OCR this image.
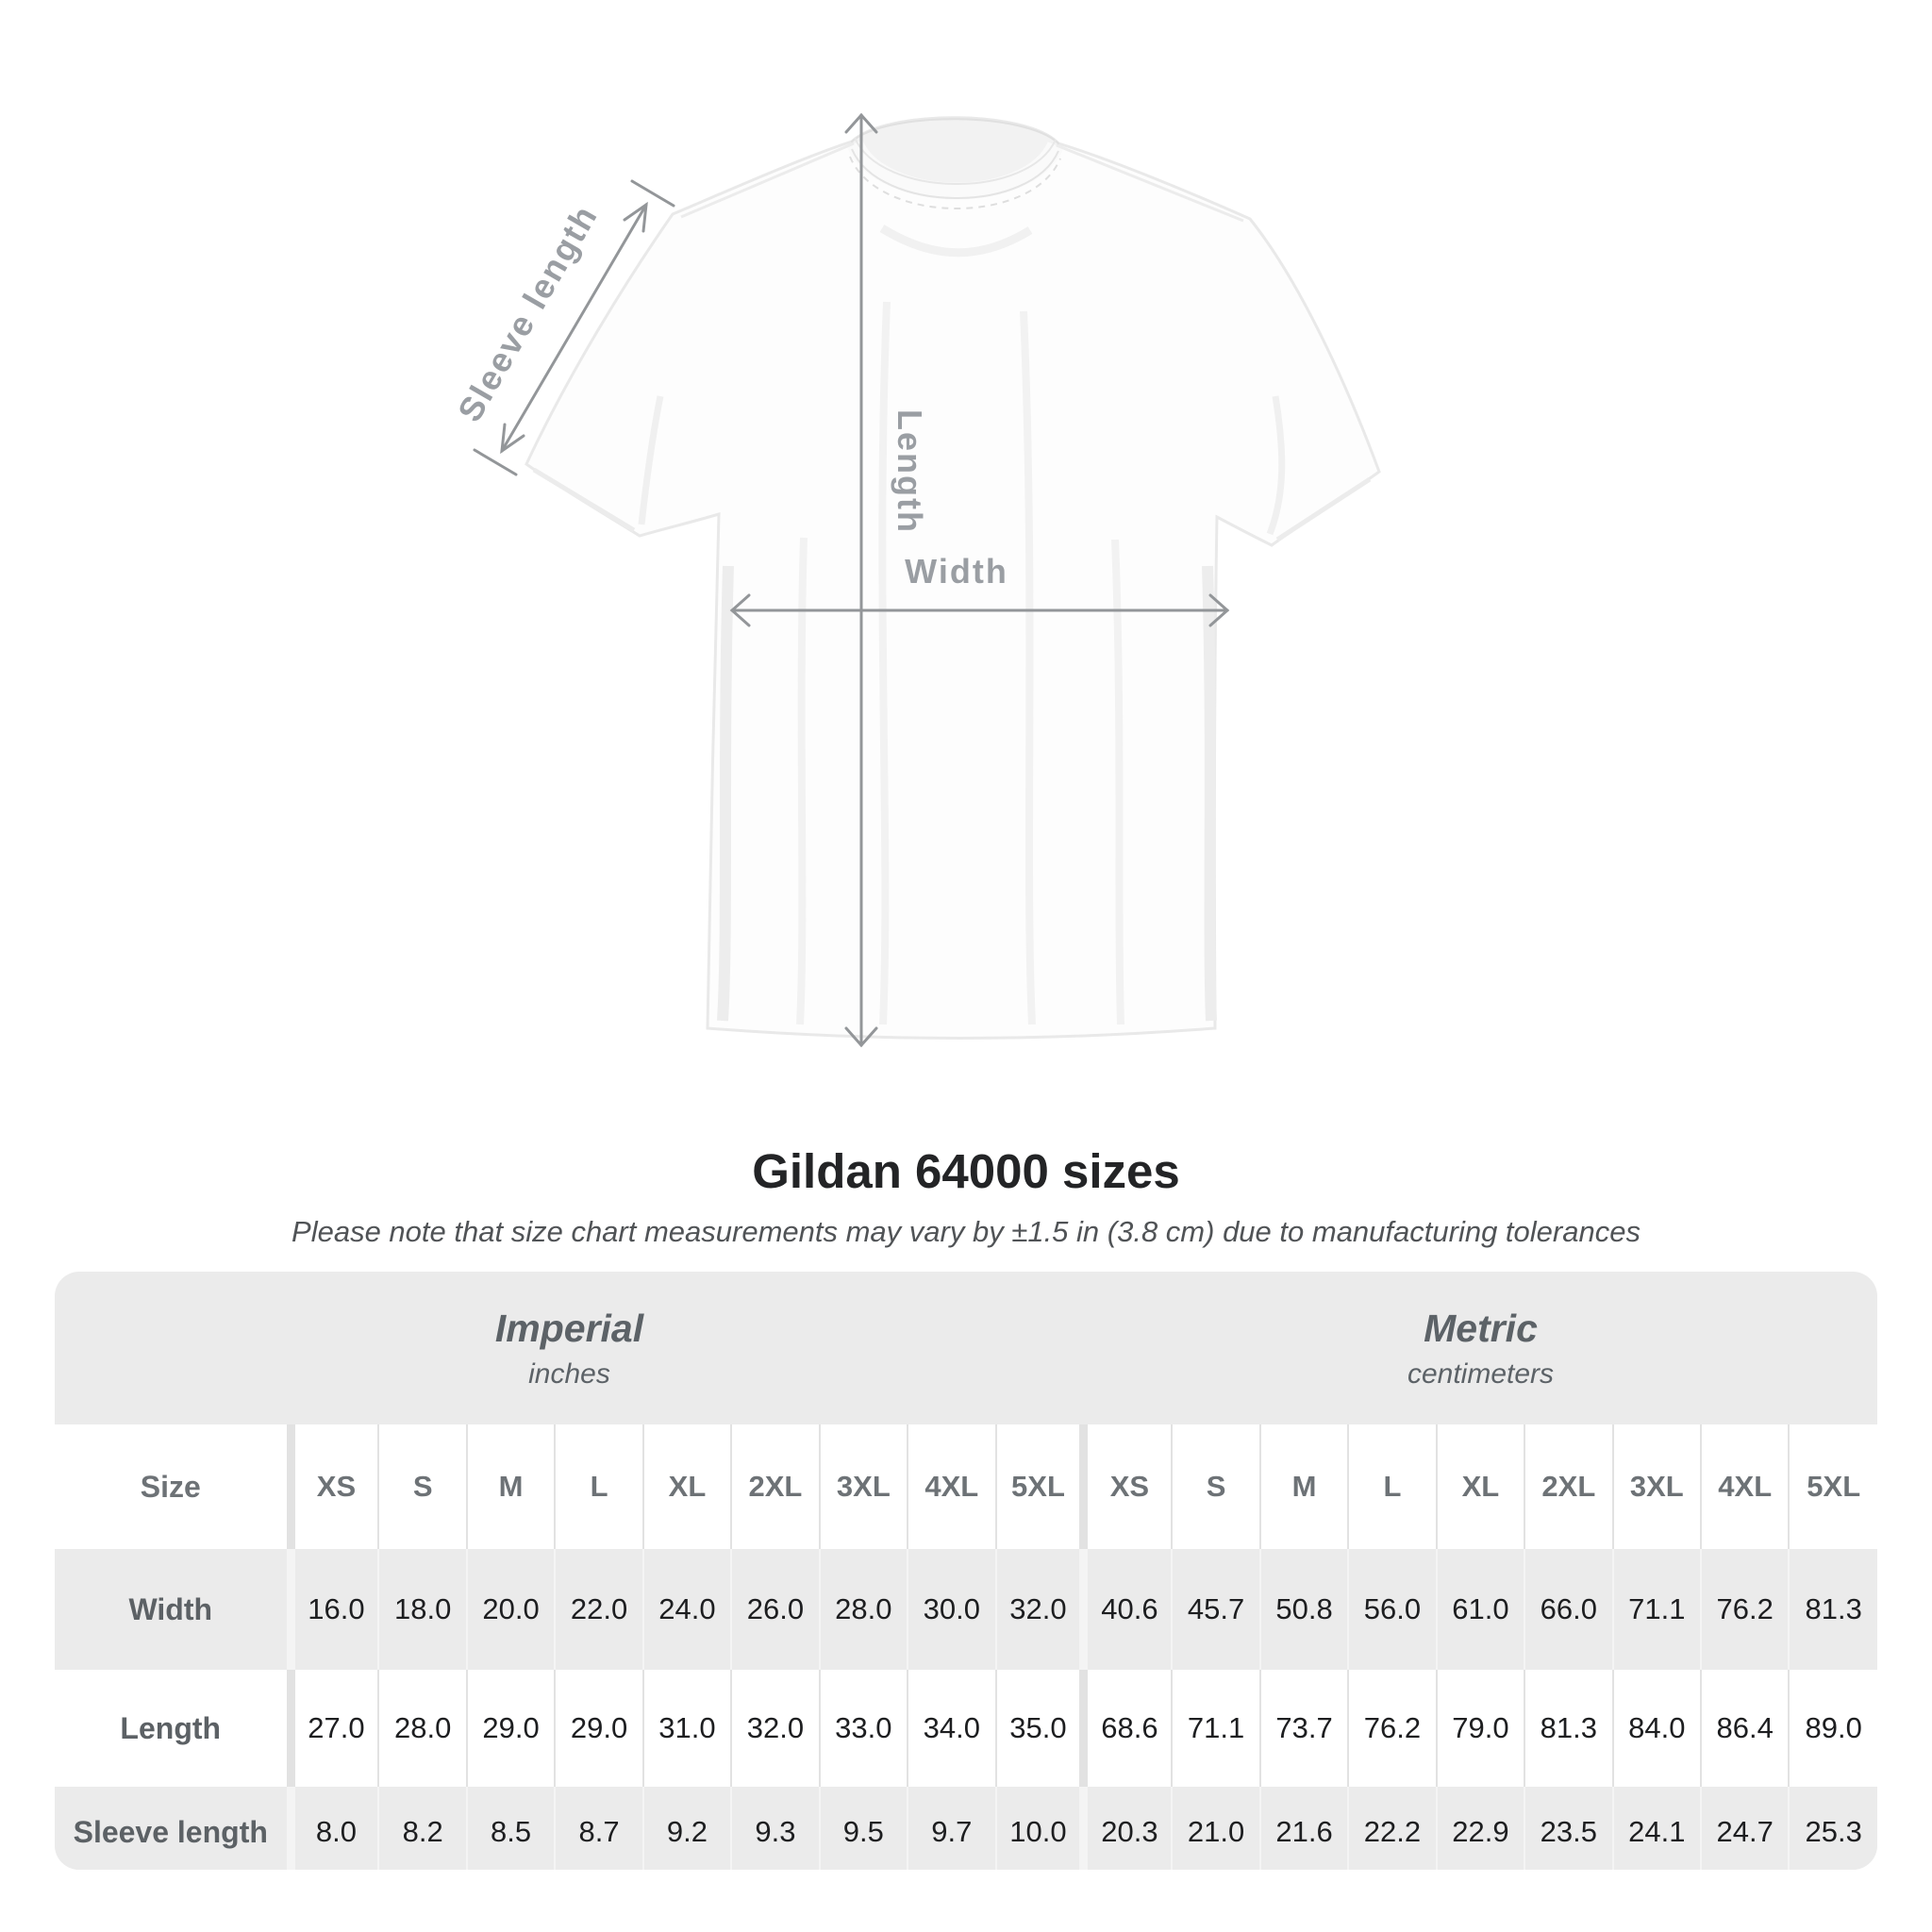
Length
Width
Sleeve length
Gildan 64000 sizes
Please note that size chart measurements may vary by ±1.5 in (3.8 cm) due to manufacturing tolerances
Imperial
inches
Metric
centimeters
Size	XS	S	M	L	XL	2XL	3XL	4XL	5XL	XS	S	M	L	XL	2XL	3XL	4XL	5XL
Width	16.0	18.0	20.0	22.0	24.0	26.0	28.0	30.0	32.0	40.6	45.7	50.8	56.0	61.0	66.0	71.1	76.2	81.3
Length	27.0	28.0	29.0	29.0	31.0	32.0	33.0	34.0	35.0	68.6	71.1	73.7	76.2	79.0	81.3	84.0	86.4	89.0
Sleeve length	8.0	8.2	8.5	8.7	9.2	9.3	9.5	9.7	10.0	20.3	21.0	21.6	22.2	22.9	23.5	24.1	24.7	25.3
